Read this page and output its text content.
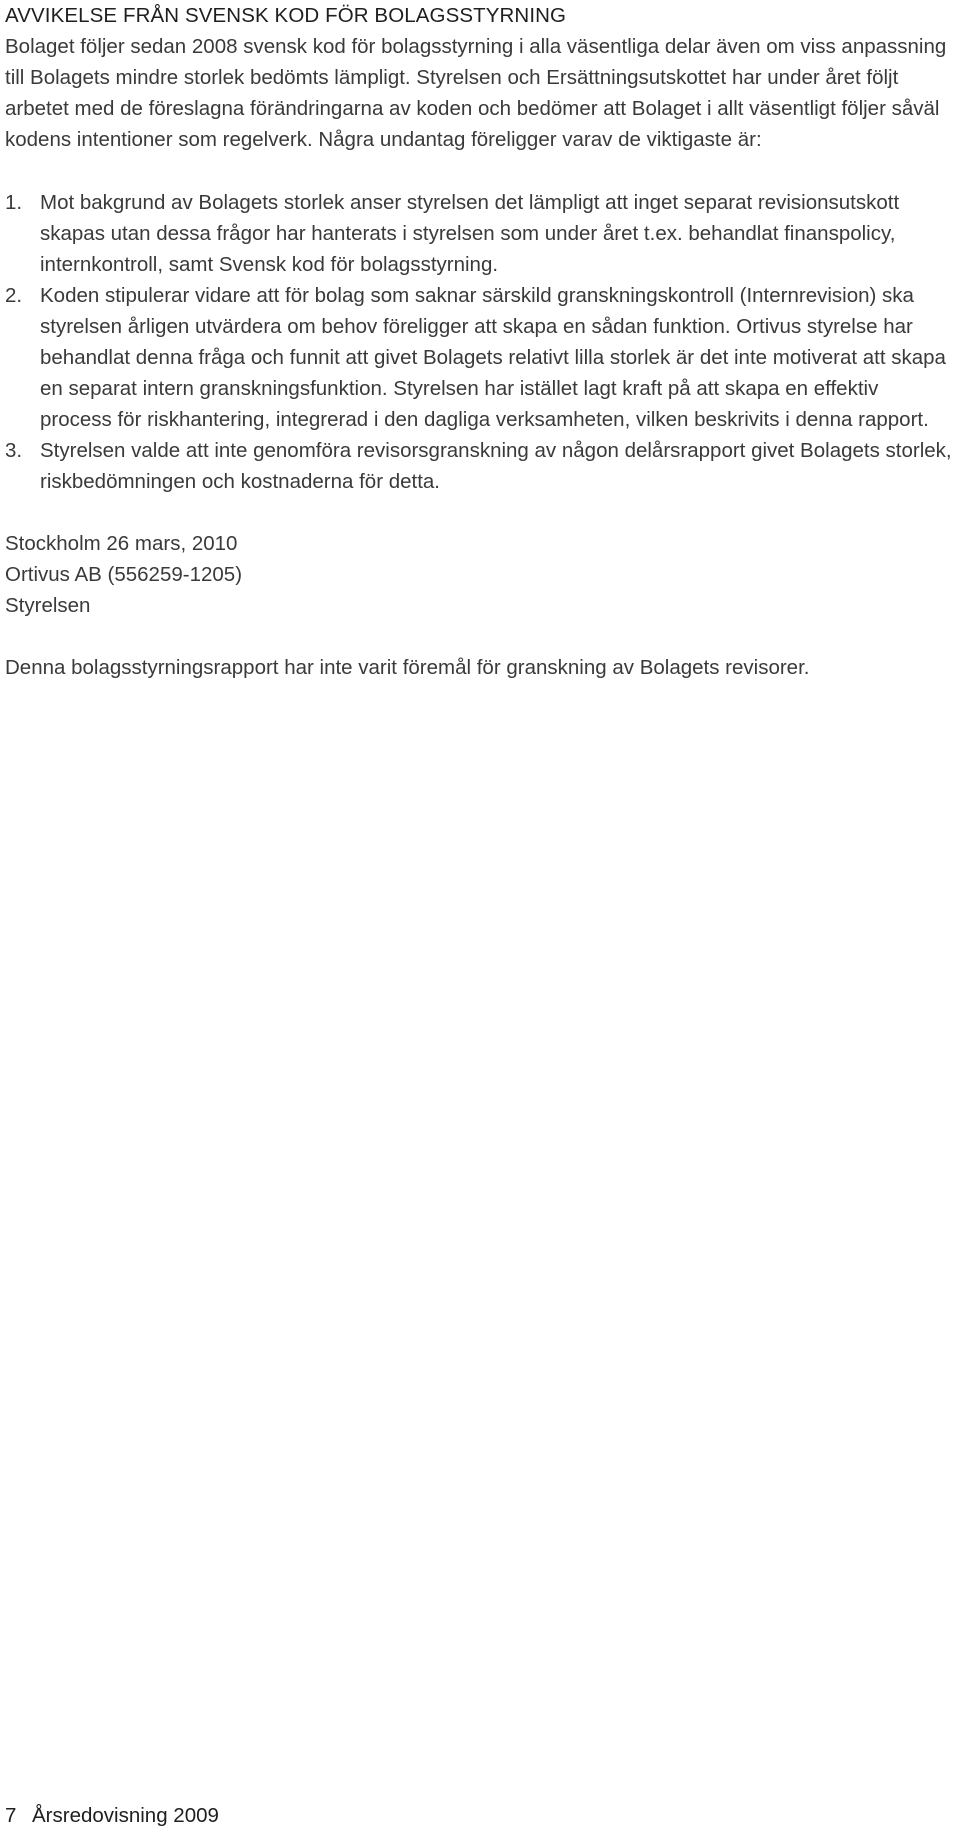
AVVIKELSE FRÅN SVENSK KOD FÖR BOLAGSSTYRNING

Bolaget följer sedan 2008 svensk kod för bolagsstyrning i alla väsentliga delar även om viss anpassning till Bolagets mindre storlek bedömts lämpligt. Styrelsen och Ersättningsutskottet har under året följt arbetet med de föreslagna förändringarna av koden och bedömer att Bolaget i allt väsentligt följer såväl kodens intentioner som regelverk. Några undantag föreligger varav de viktigaste är:

1. Mot bakgrund av Bolagets storlek anser styrelsen det lämpligt att inget separat revisionsutskott skapas utan dessa frågor har hanterats i styrelsen som under året t.ex. behandlat finanspolicy, internkontroll, samt Svensk kod för bolagsstyrning.
2. Koden stipulerar vidare att för bolag som saknar särskild granskningskontroll (Internrevision) ska styrelsen årligen utvärdera om behov föreligger att skapa en sådan funktion. Ortivus styrelse har behandlat denna fråga och funnit att givet Bolagets relativt lilla storlek är det inte motiverat att skapa en separat intern granskningsfunktion. Styrelsen har istället lagt kraft på att skapa en effektiv process för riskhantering, integrerad i den dagliga verksamheten, vilken beskrivits i denna rapport.
3. Styrelsen valde att inte genomföra revisorsgranskning av någon delårsrapport givet Bolagets storlek, riskbedömningen och kostnaderna för detta.

Stockholm 26 mars, 2010

Ortivus AB (556259-1205)

Styrelsen

Denna bolagsstyrningsrapport har inte varit föremål för granskning av Bolagets revisorer.

7 Årsredovisning 2009
